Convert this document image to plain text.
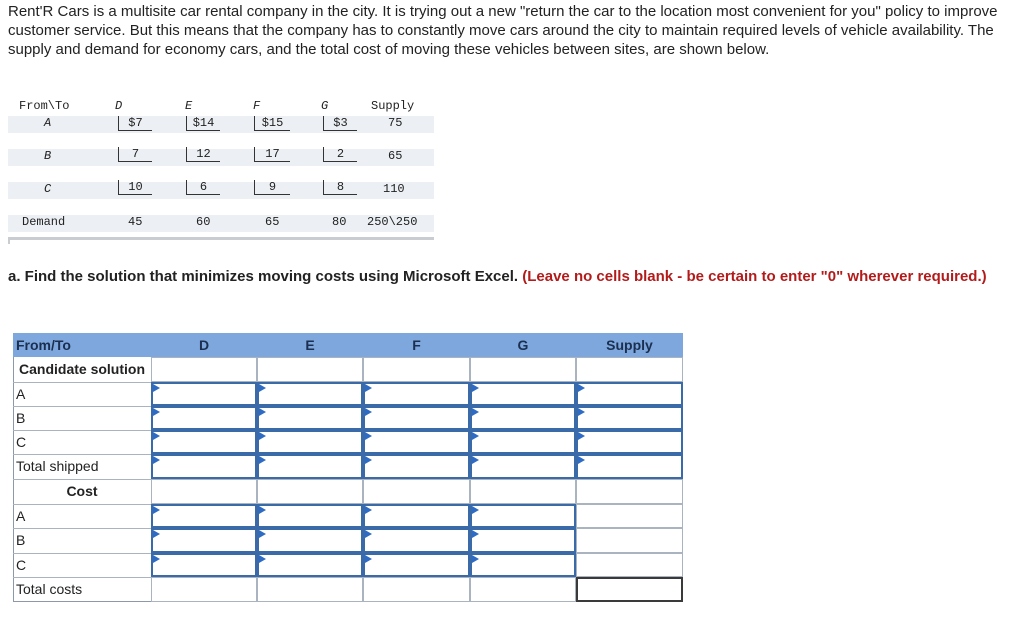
Rent'R Cars is a multisite car rental company in the city. It is trying out a new "return the car to the location most convenient for you" policy to improve customer service. But this means that the company has to constantly move cars around the city to maintain required levels of vehicle availability. The supply and demand for economy cars, and the total cost of moving these vehicles between sites, are shown below.
From\To	D	E	F	G	Supply
A	$7	$14	$15	$3	75
B	7	12	17	2	65
C	10	6	9	8	110
Demand	45	60	65	80 250\250
a. Find the solution that minimizes moving costs using Microsoft Excel. (Leave no cells blank - be certain to enter "0" wherever required.)
From/To	D	E	F	G	Supply
Candidate solution
A
B
C
Total shipped
Cost
A
B
C
Total costs
